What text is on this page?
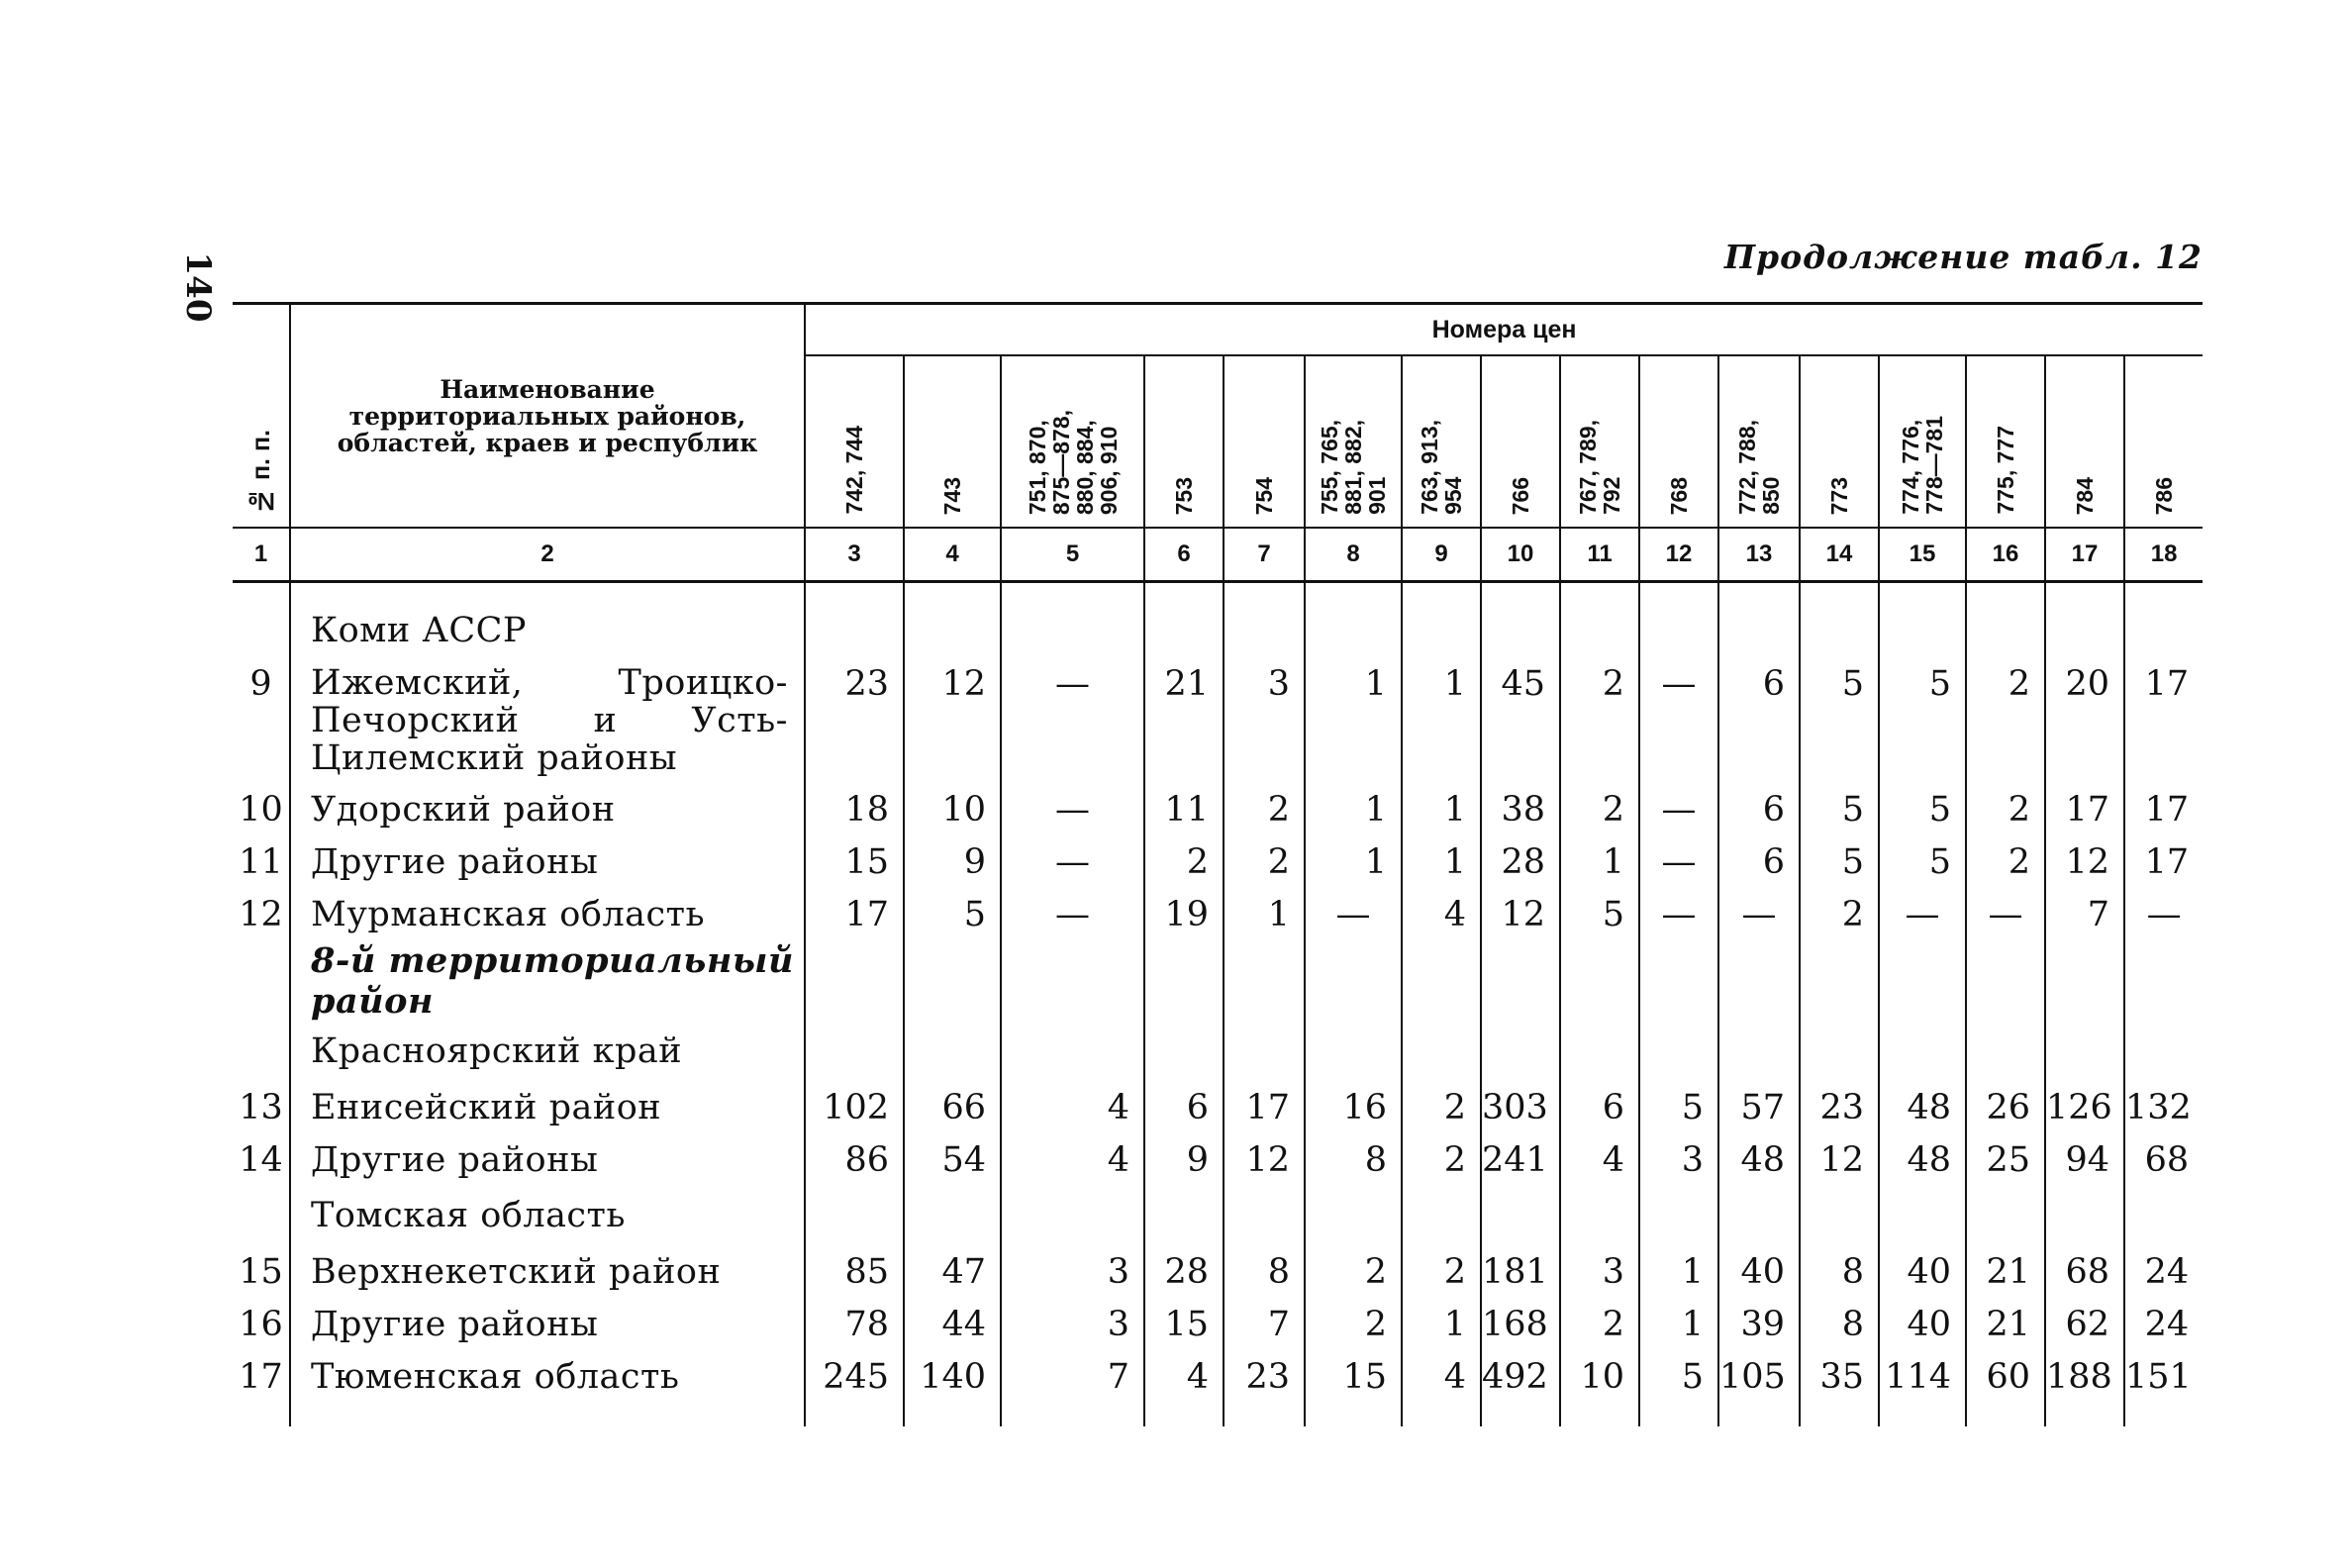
140	Продолжение табл. 12
№ п. п.	Наименование территориальных районов, областей, краев и республик	Номера цен															

		742, 744	743	751, 870,
875—878,
880, 884,
906, 910	753	754	755, 765,
881, 882,
901	763, 913,
954	766	767, 789,
792	768	772, 788,
850	773	774, 776,
778—781	775, 777	784	786

1	2	3	4	5	6	7	8	9	10	11	12	13	14	15	16	17	18

	Коми АССР																
9	Ижемский, Троицко-Печорский и Усть-Цилемский районы	23	12	—	21	3	1	1	45	2	—	6	5	5	2	20	17
10	Удорский район	18	10	—	11	2	1	1	38	2	—	6	5	5	2	17	17
11	Другие районы	15	9	—	2	2	1	1	28	1	—	6	5	5	2	12	17
12	Мурманская область	17	5	—	19	1	—	4	12	5	—	—	2	—	—	7	—
	8-й территориальный район																
	Красноярский край																
13	Енисейский район	102	66	4	6	17	16	2	303	6	5	57	23	48	26	126	132
14	Другие районы	86	54	4	9	12	8	2	241	4	3	48	12	48	25	94	68
	Томская область																
15	Верхнекетский район	85	47	3	28	8	2	2	181	3	1	40	8	40	21	68	24
16	Другие районы	78	44	3	15	7	2	1	168	2	1	39	8	40	21	62	24
17	Тюменская область	245	140	7	4	23	15	4	492	10	5	105	35	114	60	188	151
